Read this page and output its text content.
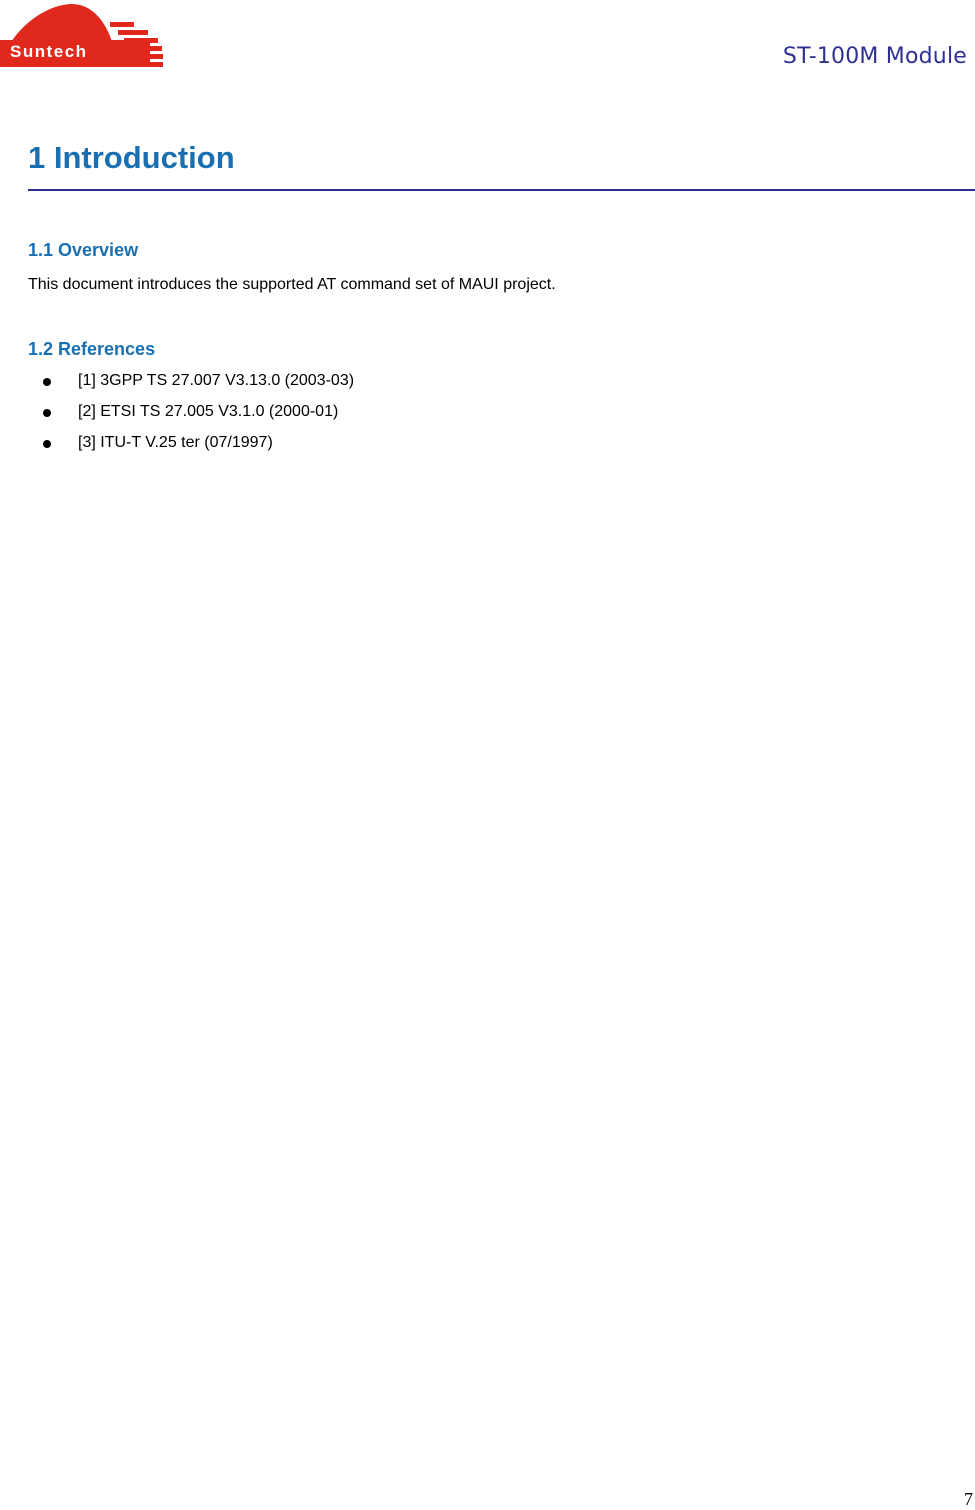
Suntech	ST-100M Module
1 Introduction
1.1 Overview

This document introduces the supported AT command set of MAUI project.

1.2 References
[1] 3GPP TS 27.007 V3.13.0 (2003-03)
[2] ETSI TS 27.005 V3.1.0 (2000-01)
[3] ITU-T V.25 ter (07/1997)
7
